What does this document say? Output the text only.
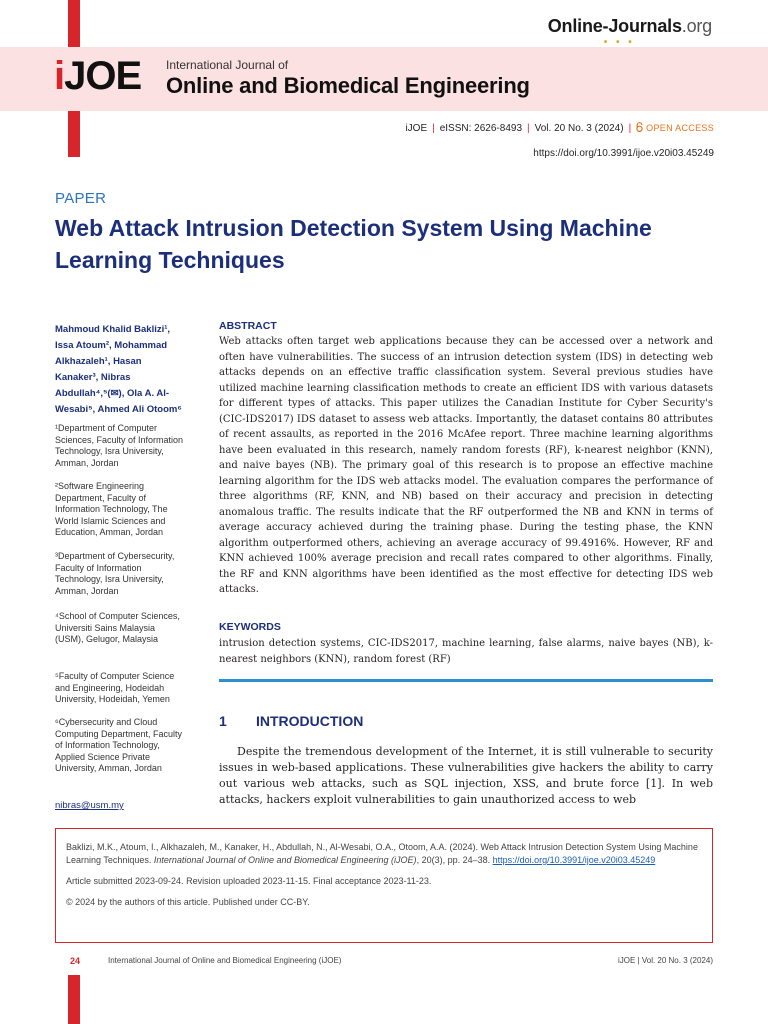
Online-Journals.org
• • •
iJOE International Journal of
Online and Biomedical Engineering
iJOE | eISSN: 2626-8493 | Vol. 20 No. 3 (2024) | OPEN ACCESS
https://doi.org/10.3991/ijoe.v20i03.45249
PAPER
Web Attack Intrusion Detection System Using Machine Learning Techniques
Mahmoud Khalid Baklizi¹, Issa Atoum², Mohammad Alkhazaleh¹, Hasan Kanaker³, Nibras Abdullah⁴,⁵(✉), Ola A. Al-Wesabi⁵, Ahmed Ali Otoom⁶
¹Department of Computer Sciences, Faculty of Information Technology, Isra University, Amman, Jordan
²Software Engineering Department, Faculty of Information Technology, The World Islamic Sciences and Education, Amman, Jordan
³Department of Cybersecurity, Faculty of Information Technology, Isra University, Amman, Jordan
⁴School of Computer Sciences, Universiti Sains Malaysia (USM), Gelugor, Malaysia
⁵Faculty of Computer Science and Engineering, Hodeidah University, Hodeidah, Yemen
⁶Cybersecurity and Cloud Computing Department, Faculty of Information Technology, Applied Science Private University, Amman, Jordan
nibras@usm.my
ABSTRACT
Web attacks often target web applications because they can be accessed over a network and often have vulnerabilities. The success of an intrusion detection system (IDS) in detecting web attacks depends on an effective traffic classification system. Several previous studies have utilized machine learning classification methods to create an efficient IDS with various datasets for different types of attacks. This paper utilizes the Canadian Institute for Cyber Security's (CIC-IDS2017) IDS dataset to assess web attacks. Importantly, the dataset contains 80 attributes of recent assaults, as reported in the 2016 McAfee report. Three machine learning algorithms have been evaluated in this research, namely random forests (RF), k-nearest neighbor (KNN), and naive bayes (NB). The primary goal of this research is to propose an effective machine learning algorithm for the IDS web attacks model. The evaluation compares the performance of three algorithms (RF, KNN, and NB) based on their accuracy and precision in detecting anomalous traffic. The results indicate that the RF outperformed the NB and KNN in terms of average accuracy achieved during the training phase. During the testing phase, the KNN algorithm outperformed others, achieving an average accuracy of 99.4916%. However, RF and KNN achieved 100% average precision and recall rates compared to other algorithms. Finally, the RF and KNN algorithms have been identified as the most effective for detecting IDS web attacks.
KEYWORDS
intrusion detection systems, CIC-IDS2017, machine learning, false alarms, naive bayes (NB), k-nearest neighbors (KNN), random forest (RF)
1 INTRODUCTION
Despite the tremendous development of the Internet, it is still vulnerable to security issues in web-based applications. These vulnerabilities give hackers the ability to carry out various web attacks, such as SQL injection, XSS, and brute force [1]. In web attacks, hackers exploit vulnerabilities to gain unauthorized access to web

Baklizi, M.K., Atoum, I., Alkhazaleh, M., Kanaker, H., Abdullah, N., Al-Wesabi, O.A., Otoom, A.A. (2024). Web Attack Intrusion Detection System Using Machine Learning Techniques. International Journal of Online and Biomedical Engineering (iJOE), 20(3), pp. 24–38. https://doi.org/10.3991/ijoe.v20i03.45249

Article submitted 2023-09-24. Revision uploaded 2023-11-15. Final acceptance 2023-11-23.

© 2024 by the authors of this article. Published under CC-BY.

24	International Journal of Online and Biomedical Engineering (iJOE)	iJOE | Vol. 20 No. 3 (2024)
